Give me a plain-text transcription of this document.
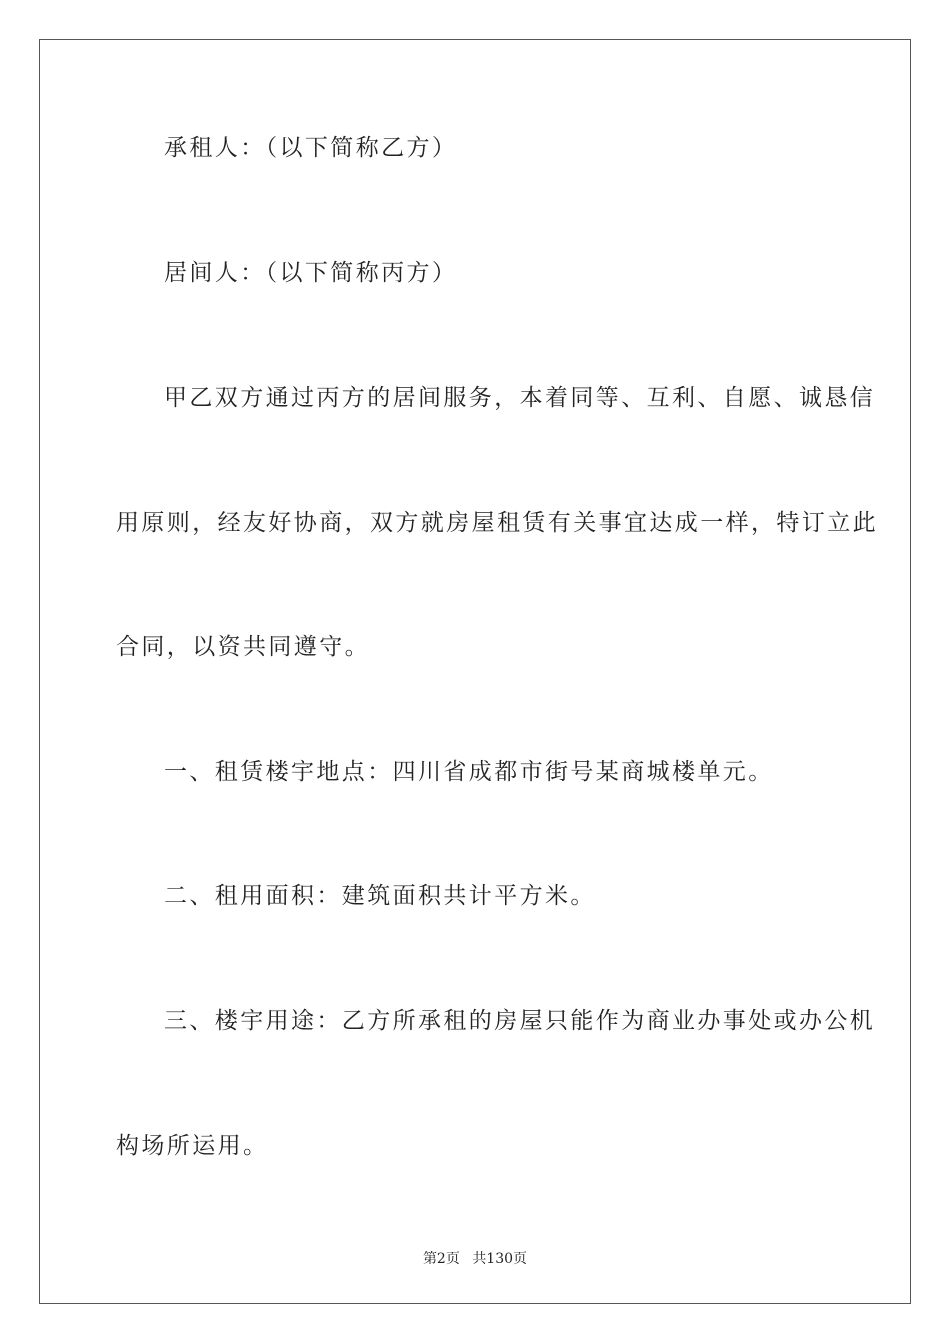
承租人：（以下简称乙方）
居间人：（以下简称丙方）
甲乙双方通过丙方的居间服务，本着同等、互利、自愿、诚恳信
用原则，经友好协商，双方就房屋租赁有关事宜达成一样，特订立此
合同，以资共同遵守。
一、租赁楼宇地点：四川省成都市街号某商城楼单元。
二、租用面积：建筑面积共计平方米。
三、楼宇用途：乙方所承租的房屋只能作为商业办事处或办公机
构场所运用。
第2页 共130页
